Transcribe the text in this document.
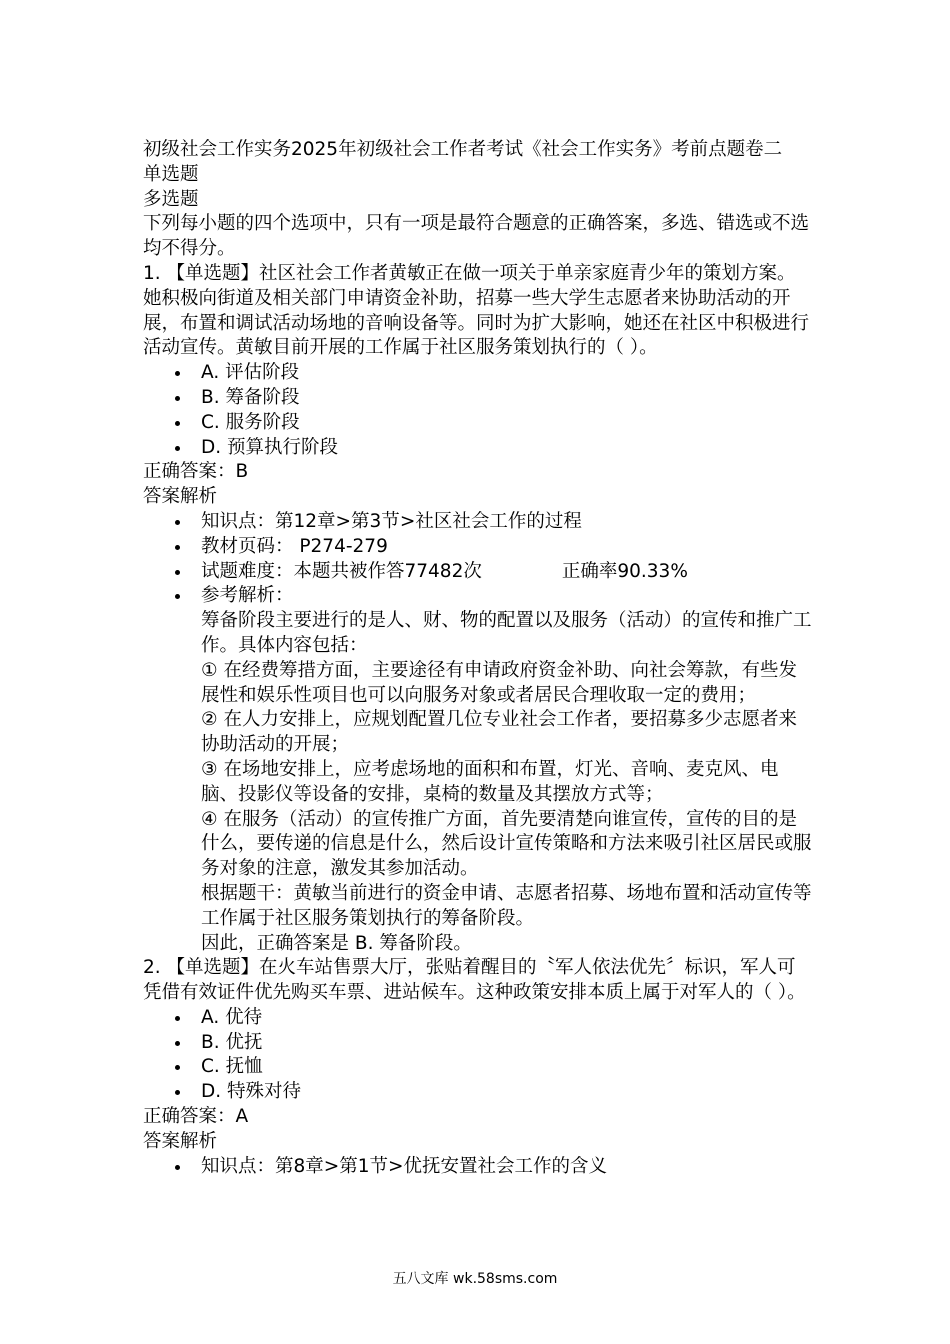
初级社会工作实务2025年初级社会工作者考试《社会工作实务》考前点题卷二
单选题
多选题
下列每小题的四个选项中，只有一项是最符合题意的正确答案，多选、错选或不选均不得分。
1. 【单选题】社区社会工作者黄敏正在做一项关于单亲家庭青少年的策划方案。她积极向街道及相关部门申请资金补助，招募一些大学生志愿者来协助活动的开展，布置和调试活动场地的音响设备等。同时为扩大影响，她还在社区中积极进行活动宣传。黄敏目前开展的工作属于社区服务策划执行的（ ）。
A. 评估阶段
B. 筹备阶段
C. 服务阶段
D. 预算执行阶段
正确答案：B
答案解析
知识点：第12章>第3节>社区社会工作的过程
教材页码： P274-279
试题难度：本题共被作答77482次	正确率90.33%
参考解析：
筹备阶段主要进行的是人、财、物的配置以及服务（活动）的宣传和推广工作。具体内容包括：
① 在经费筹措方面，主要途径有申请政府资金补助、向社会筹款，有些发展性和娱乐性项目也可以向服务对象或者居民合理收取一定的费用；
② 在人力安排上，应规划配置几位专业社会工作者，要招募多少志愿者来协助活动的开展；
③ 在场地安排上，应考虑场地的面积和布置，灯光、音响、麦克风、电脑、投影仪等设备的安排，桌椅的数量及其摆放方式等；
④ 在服务（活动）的宣传推广方面，首先要清楚向谁宣传，宣传的目的是什么，要传递的信息是什么，然后设计宣传策略和方法来吸引社区居民或服务对象的注意，激发其参加活动。
根据题干：黄敏当前进行的资金申请、志愿者招募、场地布置和活动宣传等工作属于社区服务策划执行的筹备阶段。
因此，正确答案是 B. 筹备阶段。
2. 【单选题】在火车站售票大厅，张贴着醒目的〝军人依法优先〞标识，军人可凭借有效证件优先购买车票、进站候车。这种政策安排本质上属于对军人的（ ）。
A. 优待
B. 优抚
C. 抚恤
D. 特殊对待
正确答案：A
答案解析
知识点：第8章>第1节>优抚安置社会工作的含义
五八文库 wk.58sms.com
